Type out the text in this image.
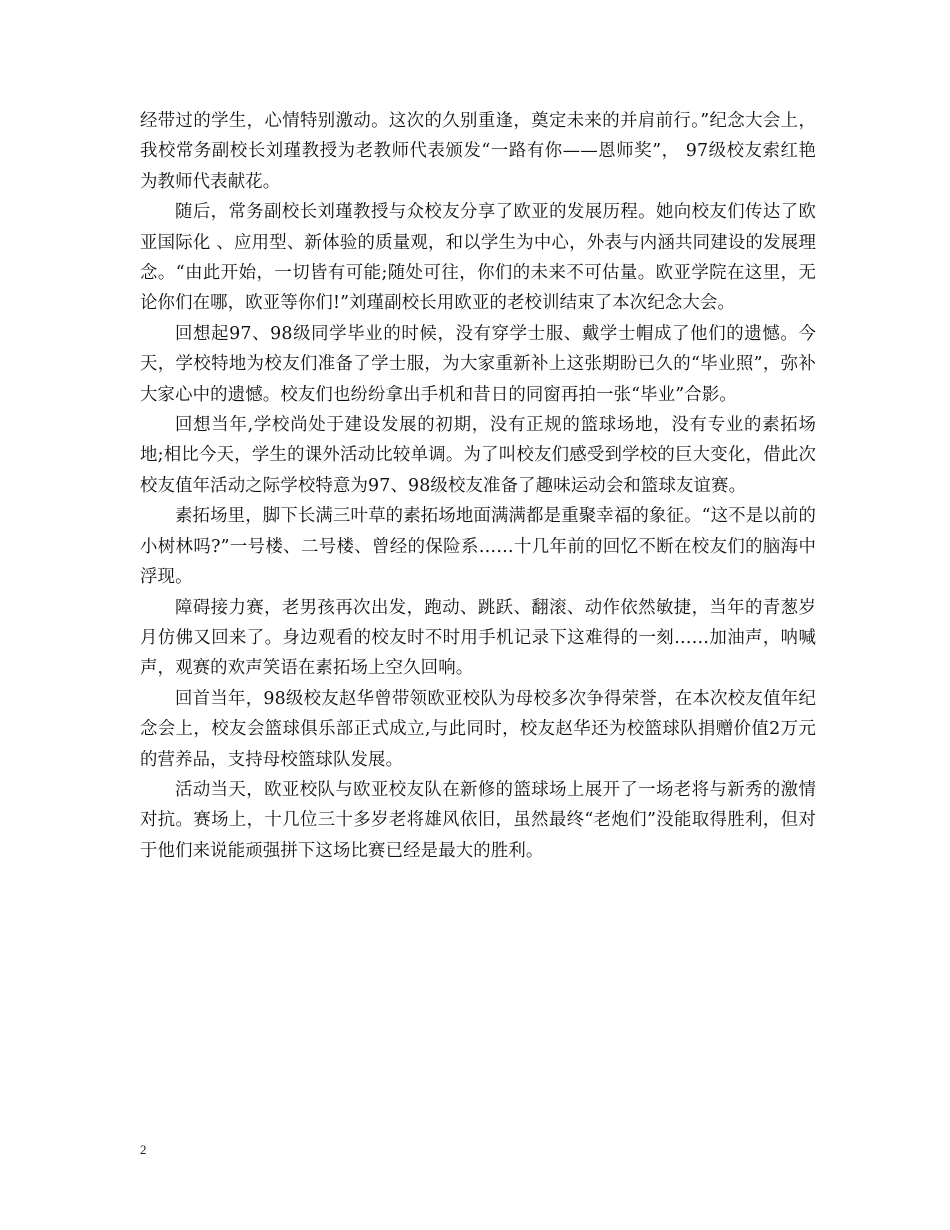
经带过的学生，心情特别激动。这次的久别重逢，奠定未来的并肩前行。”纪念大会上，我校常务副校长刘瑾教授为老教师代表颁发“一路有你——恩师奖”， 97级校友索红艳为教师代表献花。

随后，常务副校长刘瑾教授与众校友分享了欧亚的发展历程。她向校友们传达了欧亚国际化 、应用型、新体验的质量观，和以学生为中心，外表与内涵共同建设的发展理念。“由此开始，一切皆有可能;随处可往，你们的未来不可估量。欧亚学院在这里，无论你们在哪，欧亚等你们!”刘瑾副校长用欧亚的老校训结束了本次纪念大会。

回想起97、98级同学毕业的时候，没有穿学士服、戴学士帽成了他们的遗憾。今天，学校特地为校友们准备了学士服，为大家重新补上这张期盼已久的“毕业照”，弥补大家心中的遗憾。校友们也纷纷拿出手机和昔日的同窗再拍一张“毕业”合影。

回想当年,学校尚处于建设发展的初期，没有正规的篮球场地，没有专业的素拓场地;相比今天，学生的课外活动比较单调。为了叫校友们感受到学校的巨大变化，借此次校友值年活动之际学校特意为97、98级校友准备了趣味运动会和篮球友谊赛。

素拓场里，脚下长满三叶草的素拓场地面满满都是重聚幸福的象征。“这不是以前的小树林吗?”一号楼、二号楼、曾经的保险系……十几年前的回忆不断在校友们的脑海中浮现。

障碍接力赛，老男孩再次出发，跑动、跳跃、翻滚、动作依然敏捷，当年的青葱岁月仿佛又回来了。身边观看的校友时不时用手机记录下这难得的一刻……加油声，呐喊声，观赛的欢声笑语在素拓场上空久回响。

回首当年，98级校友赵华曾带领欧亚校队为母校多次争得荣誉，在本次校友值年纪念会上，校友会篮球俱乐部正式成立,与此同时，校友赵华还为校篮球队捐赠价值2万元的营养品，支持母校篮球队发展。

活动当天，欧亚校队与欧亚校友队在新修的篮球场上展开了一场老将与新秀的激情对抗。赛场上，十几位三十多岁老将雄风依旧，虽然最终“老炮们”没能取得胜利，但对于他们来说能顽强拼下这场比赛已经是最大的胜利。

2
